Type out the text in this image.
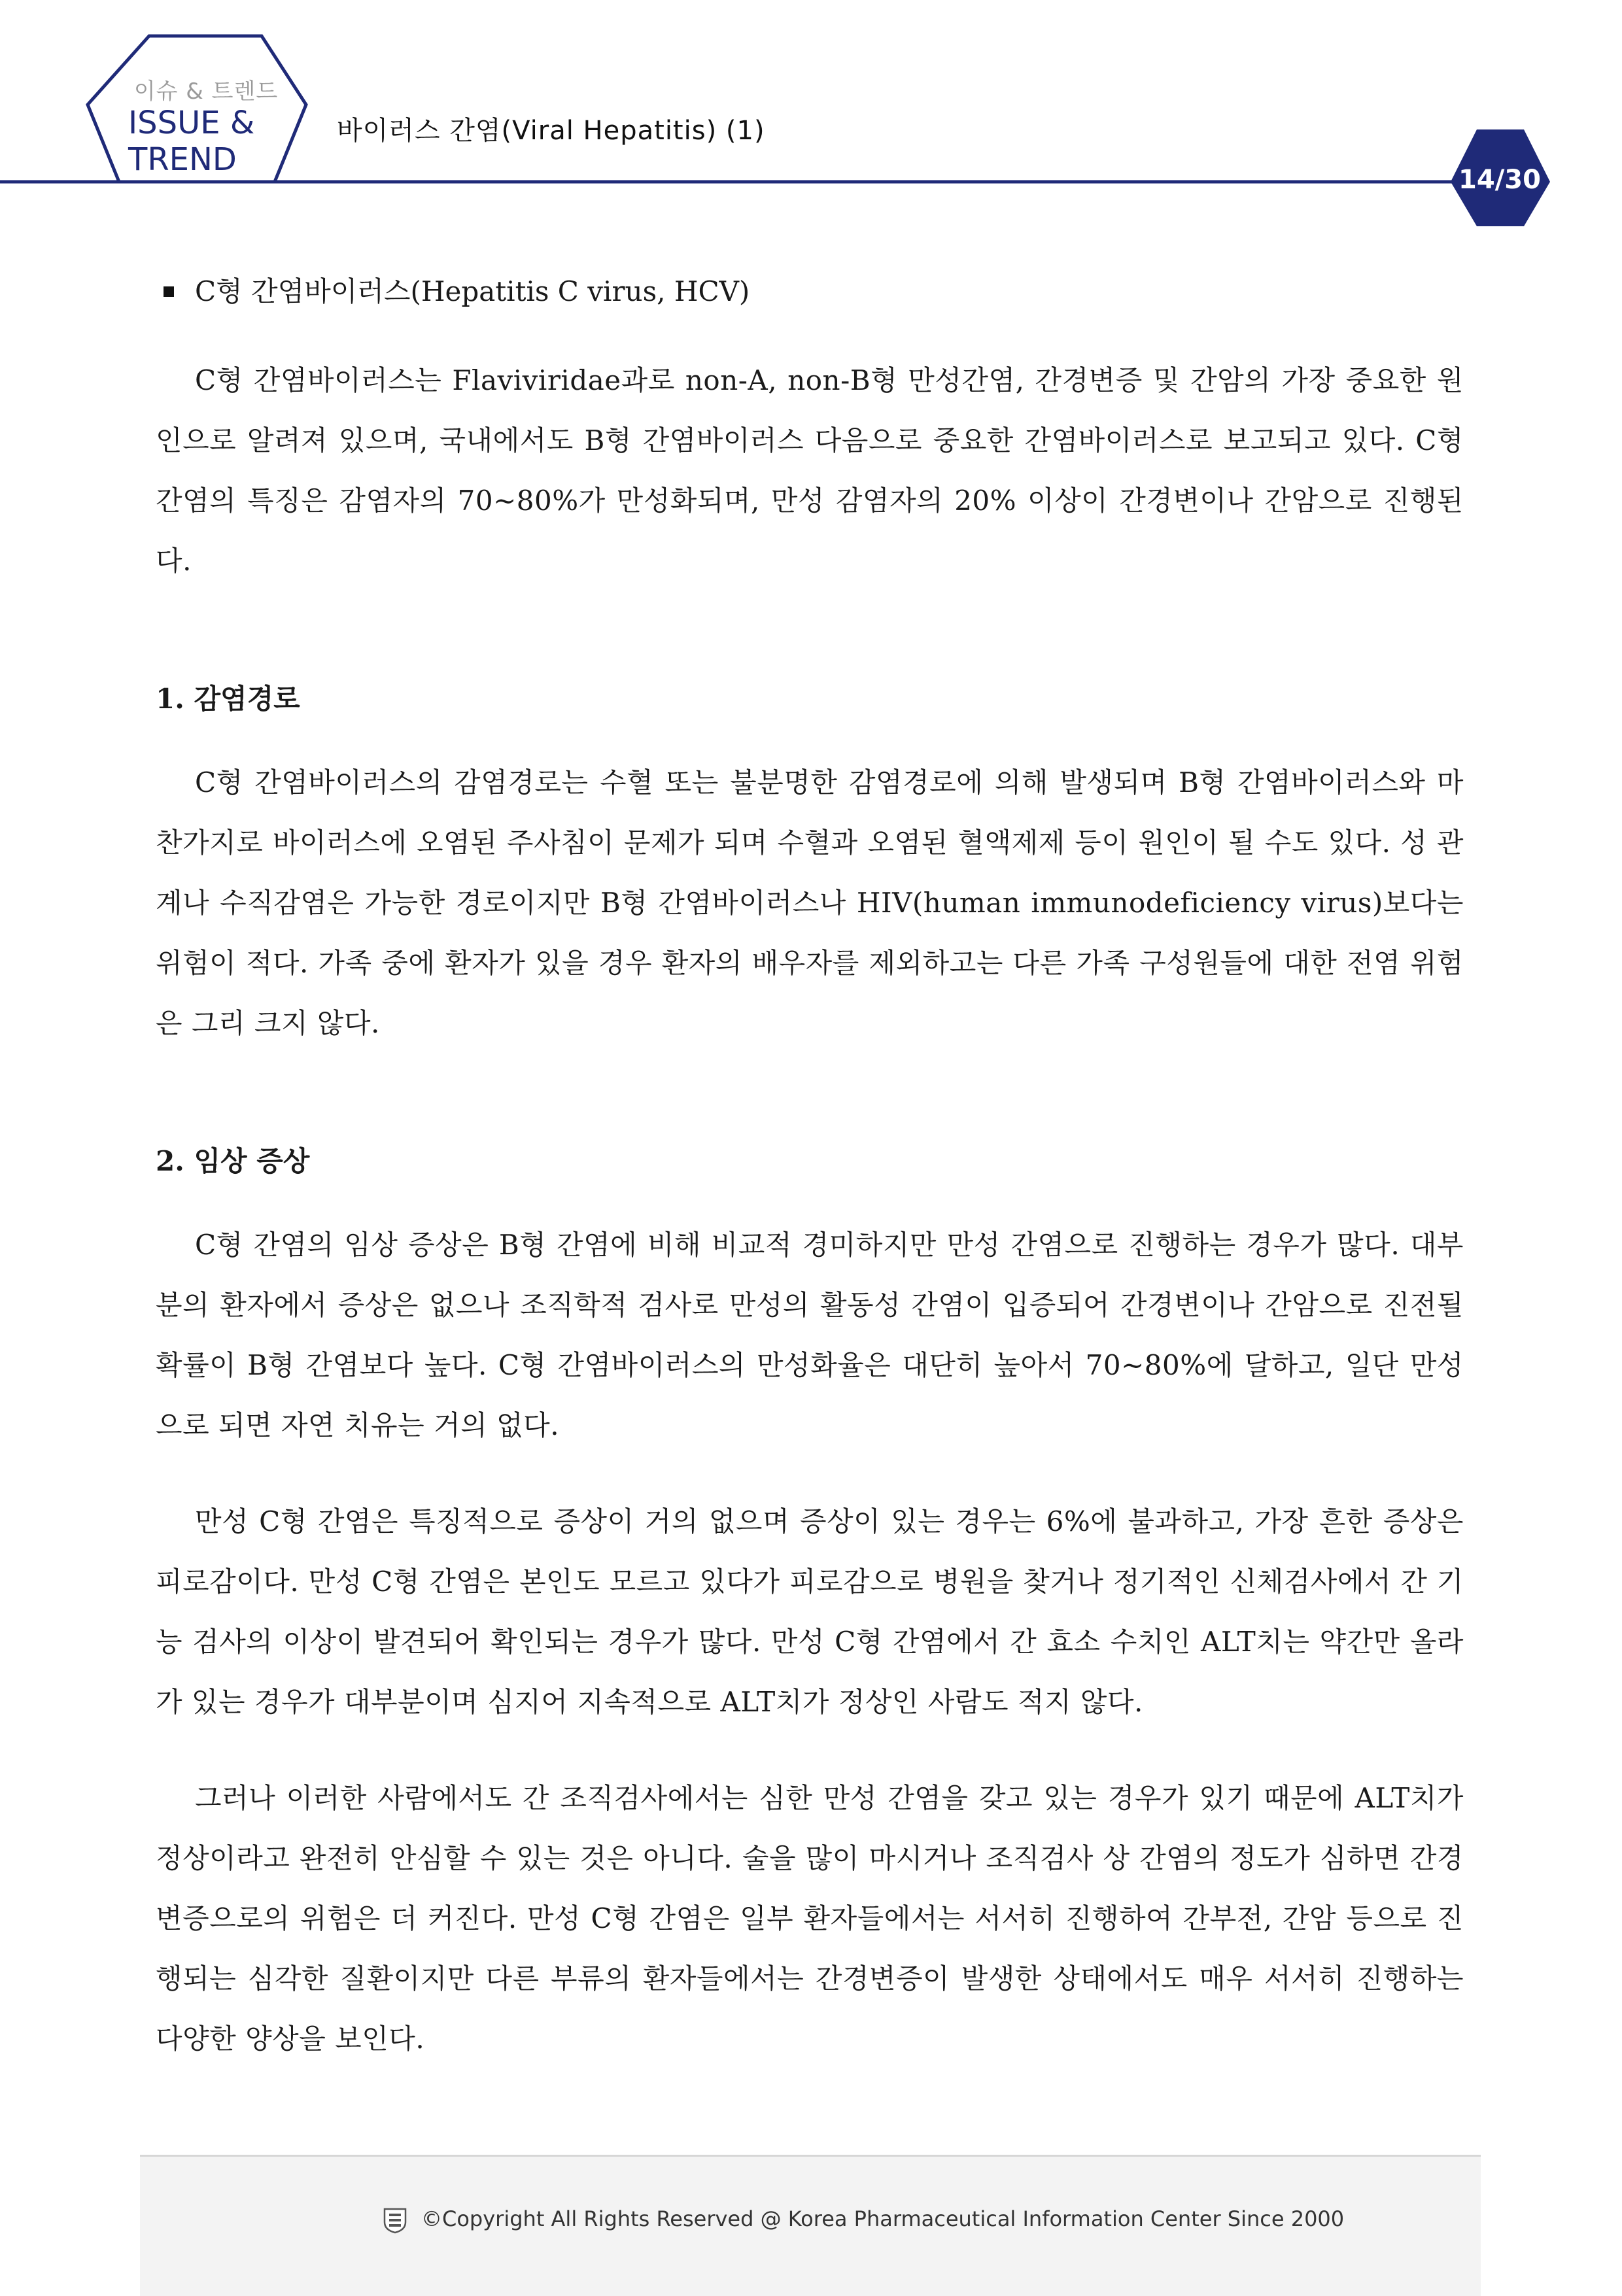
이슈 & 트렌드
ISSUE &
TREND
바이러스 간염(Viral Hepatitis) (1)
14/30
C형 간염바이러스(Hepatitis C virus, HCV)

C형 간염바이러스는 Flaviviridae과로 non-A, non-B형 만성간염, 간경변증 및 간암의 가장 중요한 원인으로 알려져 있으며, 국내에서도 B형 간염바이러스 다음으로 중요한 간염바이러스로 보고되고 있다. C형 간염의 특징은 감염자의 70~80%가 만성화되며, 만성 감염자의 20% 이상이 간경변이나 간암으로 진행된다.

1. 감염경로

C형 간염바이러스의 감염경로는 수혈 또는 불분명한 감염경로에 의해 발생되며 B형 간염바이러스와 마찬가지로 바이러스에 오염된 주사침이 문제가 되며 수혈과 오염된 혈액제제 등이 원인이 될 수도 있다. 성 관계나 수직감염은 가능한 경로이지만 B형 간염바이러스나 HIV(human immunodeficiency virus)보다는 위험이 적다. 가족 중에 환자가 있을 경우 환자의 배우자를 제외하고는 다른 가족 구성원들에 대한 전염 위험은 그리 크지 않다.

2. 임상 증상

C형 간염의 임상 증상은 B형 간염에 비해 비교적 경미하지만 만성 간염으로 진행하는 경우가 많다. 대부분의 환자에서 증상은 없으나 조직학적 검사로 만성의 활동성 간염이 입증되어 간경변이나 간암으로 진전될 확률이 B형 간염보다 높다. C형 간염바이러스의 만성화율은 대단히 높아서 70~80%에 달하고, 일단 만성으로 되면 자연 치유는 거의 없다.

만성 C형 간염은 특징적으로 증상이 거의 없으며 증상이 있는 경우는 6%에 불과하고, 가장 흔한 증상은 피로감이다. 만성 C형 간염은 본인도 모르고 있다가 피로감으로 병원을 찾거나 정기적인 신체검사에서 간 기능 검사의 이상이 발견되어 확인되는 경우가 많다. 만성 C형 간염에서 간 효소 수치인 ALT치는 약간만 올라가 있는 경우가 대부분이며 심지어 지속적으로 ALT치가 정상인 사람도 적지 않다.

그러나 이러한 사람에서도 간 조직검사에서는 심한 만성 간염을 갖고 있는 경우가 있기 때문에 ALT치가 정상이라고 완전히 안심할 수 있는 것은 아니다. 술을 많이 마시거나 조직검사 상 간염의 정도가 심하면 간경변증으로의 위험은 더 커진다. 만성 C형 간염은 일부 환자들에서는 서서히 진행하여 간부전, 간암 등으로 진행되는 심각한 질환이지만 다른 부류의 환자들에서는 간경변증이 발생한 상태에서도 매우 서서히 진행하는 다양한 양상을 보인다.

©Copyright All Rights Reserved @ Korea Pharmaceutical Information Center Since 2000
